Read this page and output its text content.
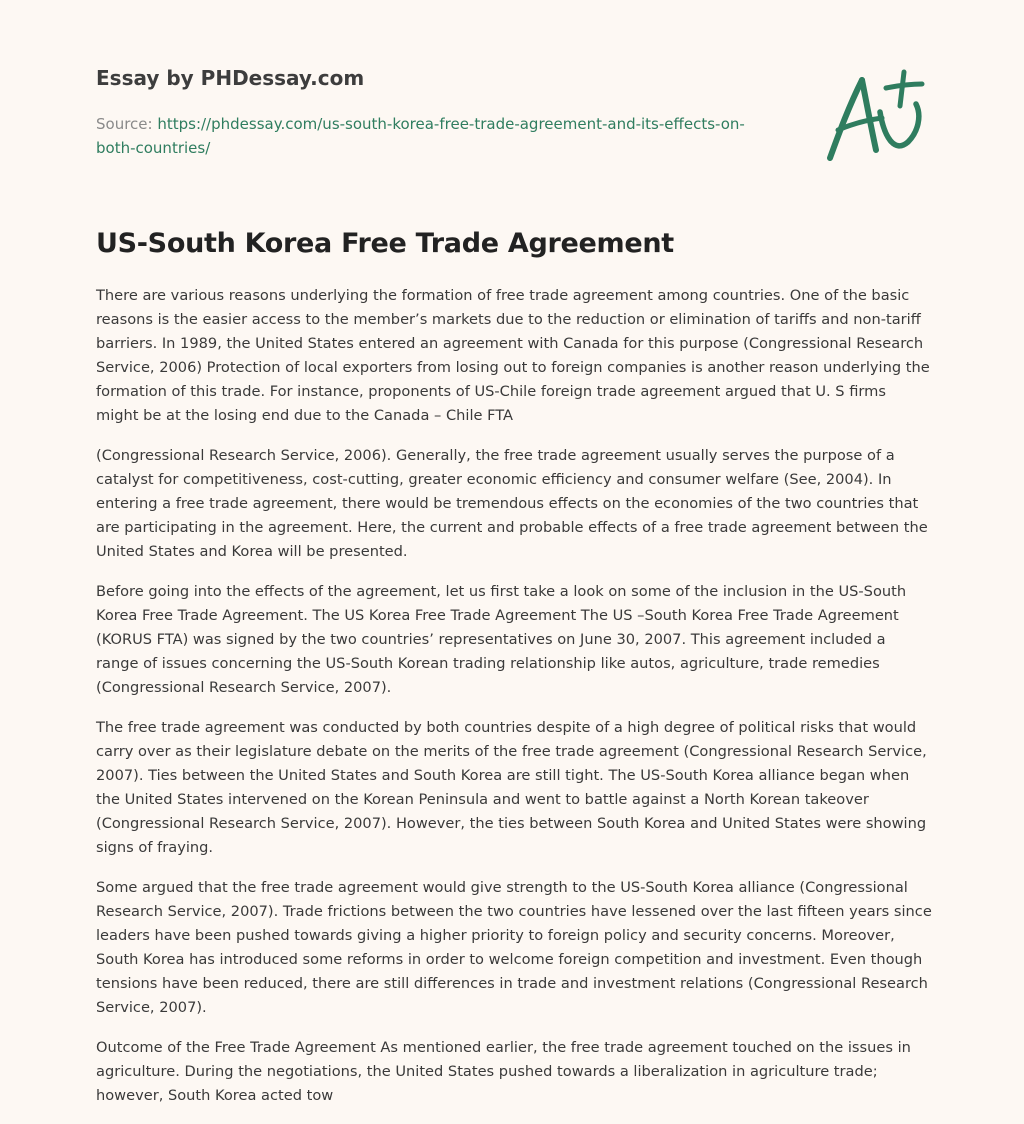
Essay by PHDessay.com
Source: https://phdessay.com/us-south-korea-free-trade-agreement-and-its-effects-on-
both-countries/
US-South Korea Free Trade Agreement

There are various reasons underlying the formation of free trade agreement among countries. One of the basic reasons is the easier access to the member’s markets due to the reduction or elimination of tariffs and non-tariff barriers. In 1989, the United States entered an agreement with Canada for this purpose (Congressional Research Service, 2006) Protection of local exporters from losing out to foreign companies is another reason underlying the formation of this trade. For instance, proponents of US-Chile foreign trade agreement argued that U. S firms might be at the losing end due to the Canada – Chile FTA

(Congressional Research Service, 2006). Generally, the free trade agreement usually serves the purpose of a catalyst for competitiveness, cost-cutting, greater economic efficiency and consumer welfare (See, 2004). In entering a free trade agreement, there would be tremendous effects on the economies of the two countries that are participating in the agreement. Here, the current and probable effects of a free trade agreement between the United States and Korea will be presented.

Before going into the effects of the agreement, let us first take a look on some of the inclusion in the US-South Korea Free Trade Agreement. The US Korea Free Trade Agreement The US –South Korea Free Trade Agreement (KORUS FTA) was signed by the two countries’ representatives on June 30, 2007. This agreement included a range of issues concerning the US-South Korean trading relationship like autos, agriculture, trade remedies (Congressional Research Service, 2007).

The free trade agreement was conducted by both countries despite of a high degree of political risks that would carry over as their legislature debate on the merits of the free trade agreement (Congressional Research Service, 2007). Ties between the United States and South Korea are still tight. The US-South Korea alliance began when the United States intervened on the Korean Peninsula and went to battle against a North Korean takeover (Congressional Research Service, 2007). However, the ties between South Korea and United States were showing signs of fraying.

Some argued that the free trade agreement would give strength to the US-South Korea alliance (Congressional Research Service, 2007). Trade frictions between the two countries have lessened over the last fifteen years since leaders have been pushed towards giving a higher priority to foreign policy and security concerns. Moreover, South Korea has introduced some reforms in order to welcome foreign competition and investment. Even though tensions have been reduced, there are still differences in trade and investment relations (Congressional Research Service, 2007).

Outcome of the Free Trade Agreement As mentioned earlier, the free trade agreement touched on the issues in agriculture. During the negotiations, the United States pushed towards a liberalization in agriculture trade; however, South Korea acted tow
